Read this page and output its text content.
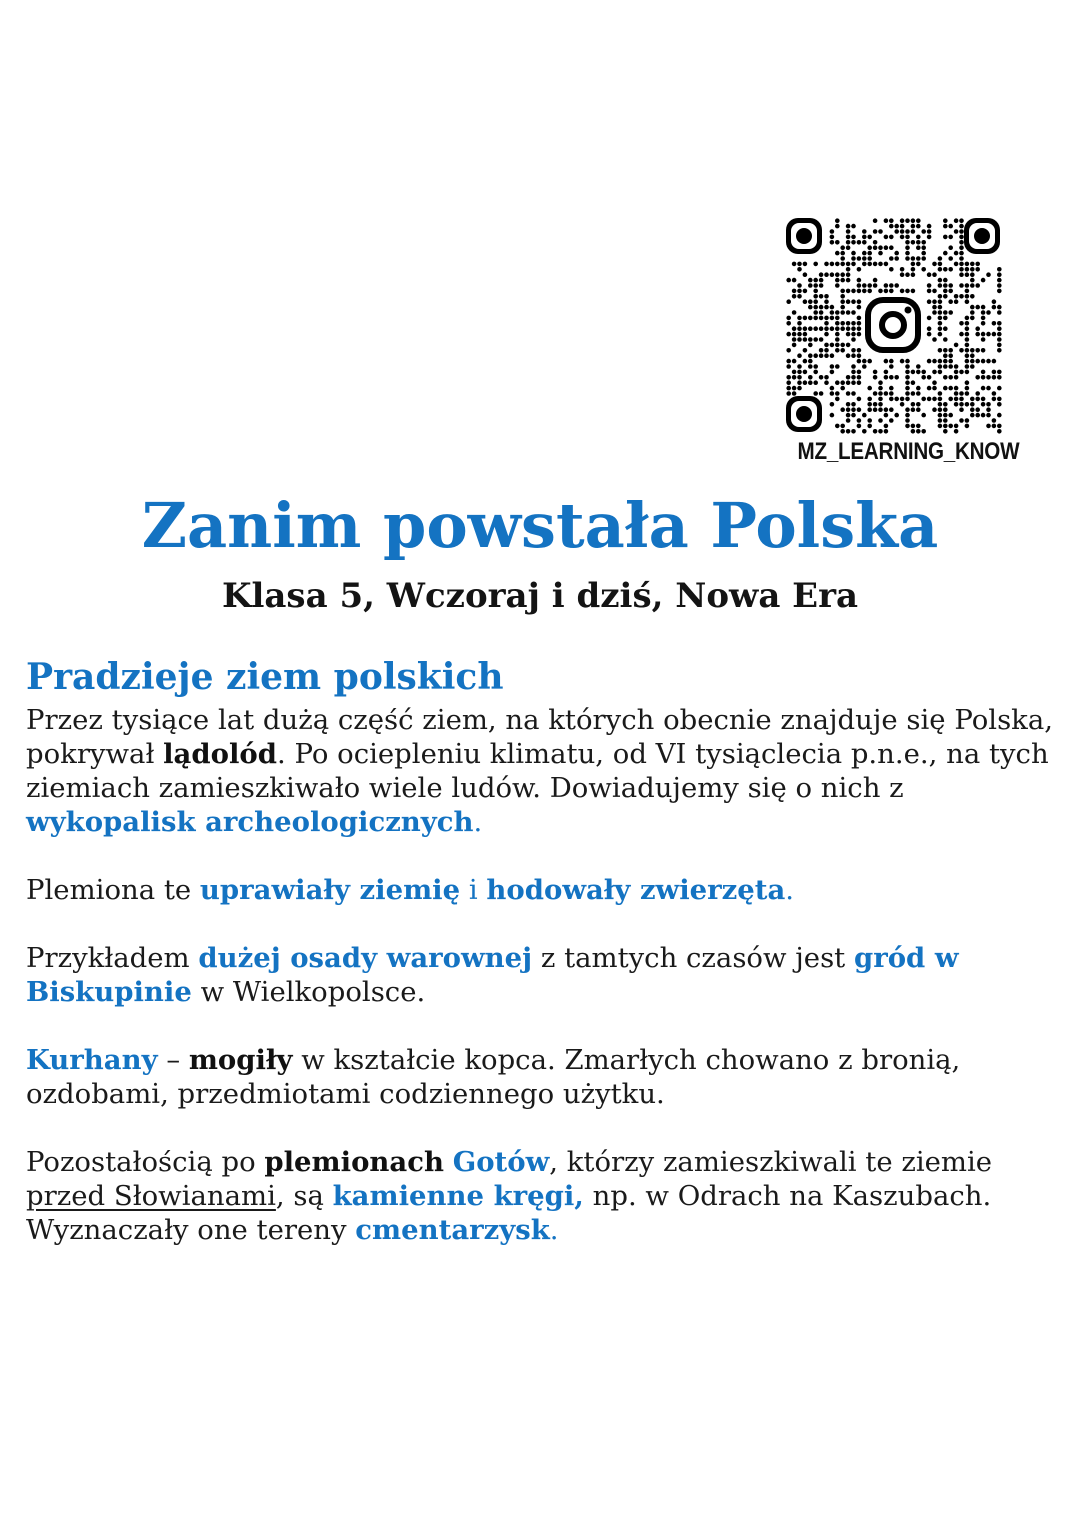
MZ_LEARNING_KNOW
Zanim powstała Polska
Klasa 5, Wczoraj i dziś, Nowa Era
Pradzieje ziem polskich

Przez tysiące lat dużą część ziem, na których obecnie znajduje się Polska, pokrywał lądolód. Po ociepleniu klimatu, od VI tysiąclecia p.n.e., na tych ziemiach zamieszkiwało wiele ludów. Dowiadujemy się o nich z wykopalisk archeologicznych.

Plemiona te uprawiały ziemię i hodowały zwierzęta.

Przykładem dużej osady warownej z tamtych czasów jest gród w Biskupinie w Wielkopolsce.

Kurhany – mogiły w kształcie kopca. Zmarłych chowano z bronią, ozdobami, przedmiotami codziennego użytku.

Pozostałością po plemionach Gotów, którzy zamieszkiwali te ziemie przed Słowianami, są kamienne kręgi, np. w Odrach na Kaszubach. Wyznaczały one tereny cmentarzysk.
